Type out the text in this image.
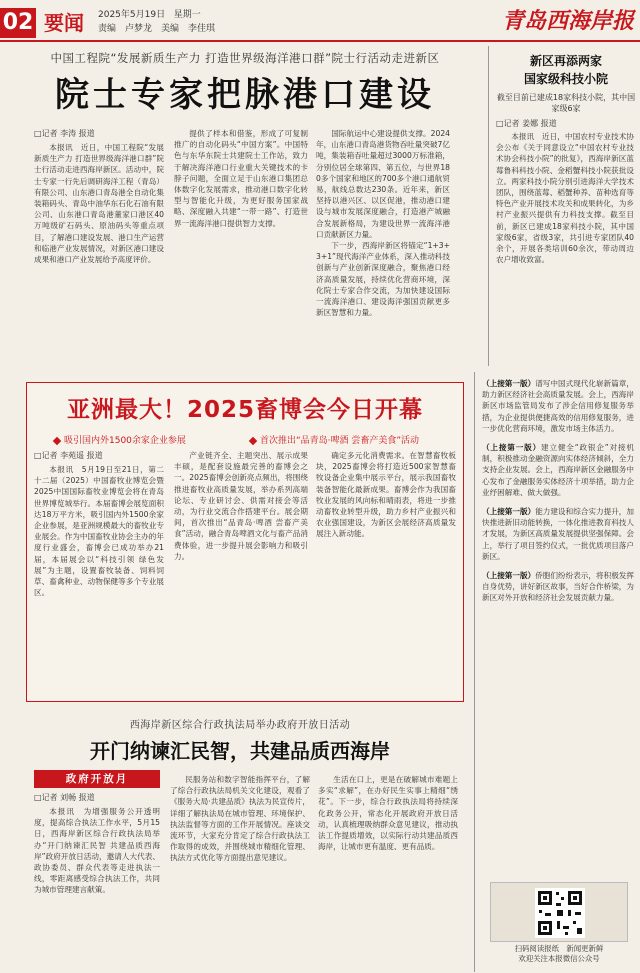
02 要闻 2025年5月19日 星期一
责编　卢梦龙　美编　李佳琪	青岛西海岸报
中国工程院“发展新质生产力 打造世界级海洋港口群”院士行活动走进新区
院士专家把脉港口建设
□记者 李涛 报道

本报讯　近日，中国工程院“发展新质生产力 打造世界级海洋港口群”院士行活动走进西海岸新区。活动中，院士专家一行先后调研海洋工程（青岛）有限公司、山东港口青岛港全自动化集装箱码头、青岛中油华东石化石油有限公司、山东港口青岛港董家口港区40万吨级矿石码头、原油码头等重点项目，了解港口建设发展、港口生产运营和临港产业发展情况，对新区港口建设成果和港口产业发展给予高度评价。

提供了样本和借鉴，形成了可复制推广的自动化码头“中国方案”。中国特色与东华东院士共建院士工作站，致力于解决海洋港口行业重大关键技术的卡脖子问题，全面立足于山东港口集团总体数字化发展需求，推动港口数字化转型与智能化升级，为更好服务国家战略、深度融入共建“一带一路”、打造世界一流海洋港口提供智力支撑。

国际航运中心建设提供支撑。2024年，山东港口青岛港货物吞吐量突破7亿吨，集装箱吞吐量超过3000万标准箱，分别位居全球第四、第五位，与世界180多个国家和地区的700多个港口通航贸易，航线总数达230条。近年来，新区坚持以港兴区、以区促港，推动港口建设与城市发展深度融合，打造港产城融合发展新格局，为建设世界一流海洋港口贡献新区力量。

下一步，西海岸新区将锚定“1+3+3+1”现代海洋产业体系，深入推动科技创新与产业创新深度融合，聚焦港口经济高质量发展，持续优化营商环境，深化院士专家合作交流，为加快建设国际一流海洋港口、建设海洋强国贡献更多新区智慧和力量。

新区再添两家
国家级科技小院
截至目前已建成18家科技小院，其中国家级6家
□记者 姜娜 报道

本报讯　近日，中国农村专业技术协会公布《关于同意设立“中国农村专业技术协会科技小院”的批复》，西海岸新区蓝莓鲁科科技小院、金稻蟹科技小院获批设立。两家科技小院分别引进海洋大学技术团队，围绕蓝莓、稻蟹种养、苗种选育等特色产业开展技术攻关和成果转化，为乡村产业振兴提供有力科技支撑。截至目前，新区已建成18家科技小院，其中国家级6家，省级3家，共引进专家团队40余个，开展各类培训60余次，带动周边农户增收致富。

亚洲最大！2025畜博会今日开幕
吸引国内外1500余家企业参展	首次推出“品青岛·啤酒 尝畜产美食”活动
□记者 李苑遥 报道

本报讯　5月19日至21日，第二十二届（2025）中国畜牧业博览会暨2025中国国际畜牧业博览会将在青岛世界博览城举行。本届畜博会展览面积达18万平方米，吸引国内外1500余家企业参展，是亚洲规模最大的畜牧业专业展会。作为中国畜牧业协会主办的年度行业盛会，畜博会已成功举办21届，本届展会以“科技引领 绿色发展”为主题，设置畜牧装备、饲料饲草、畜禽种业、动物保健等多个专业展区。

产业链齐全、主题突出、展示成果丰硕，是配套设施最完善的畜博会之一。2025畜博会创新亮点频出，将围绕推进畜牧业高质量发展，举办系列高端论坛、专业研讨会、供需对接会等活动，为行业交流合作搭建平台。展会期间，首次推出“品青岛·啤酒 尝畜产美食”活动，融合青岛啤酒文化与畜产品消费体验，进一步提升展会影响力和吸引力。

确定多元化消费需求。在智慧畜牧板块，2025畜博会将打造近500家智慧畜牧设备企业集中展示平台，展示我国畜牧装备智能化最新成果。畜博会作为我国畜牧业发展的风向标和晴雨表，将进一步推动畜牧业转型升级，助力乡村产业振兴和农业强国建设，为新区会展经济高质量发展注入新动能。

西海岸新区综合行政执法局举办政府开放日活动
开门纳谏汇民智，共建品质西海岸
政府开放月
□记者 刘畅 报道

本报讯　为增强服务公开透明度，提高综合执法工作水平，5月15日，西海岸新区综合行政执法局举办“开门纳谏汇民智 共建品质西海岸”政府开放日活动，邀请人大代表、政协委员、群众代表等走进执法一线，零距离感受综合执法工作，共同为城市管理建言献策。

民服务站和数字智能指挥平台，了解了综合行政执法局机关文化建设，观看了《服务大局·共建品质》执法为民宣传片，详细了解执法局在城市管理、环境保护、执法监督等方面的工作开展情况。座谈交流环节，大家充分肯定了综合行政执法工作取得的成效，并围绕城市精细化管理、执法方式优化等方面提出意见建议。

生活在口上，更是在破解城市难题上多实“求解”，在办好民生实事上精细“绣花”。下一步，综合行政执法局将持续深化政务公开，常态化开展政府开放日活动，认真梳理吸纳群众意见建议，推动执法工作提质增效，以实际行动共建品质西海岸，让城市更有温度、更有品质。

（上接第一版）谱写中国式现代化崭新篇章，助力新区经济社会高质量发展。会上，西海岸新区市场监管局发布了涉企信用修复服务举措，为企业提供便捷高效的信用修复服务，进一步优化营商环境，激发市场主体活力。
（上接第一版）建立健全“政银企”对接机制，积极推动金融资源向实体经济倾斜，全力支持企业发展。会上，西海岸新区金融服务中心发布了金融服务实体经济十项举措，助力企业纾困解难、做大做强。
（上接第一版）能力建设和综合实力提升，加快推进新旧动能转换，一体化推进教育科技人才发展，为新区高质量发展提供坚强保障。会上，举行了项目签约仪式，一批优质项目落户新区。
（上接第一版）侨胞们纷纷表示，将积极发挥自身优势，讲好新区故事，当好合作桥梁，为新区对外开放和经济社会发展贡献力量。
扫码阅读报纸　新闻更新鲜
欢迎关注本报微信公众号
